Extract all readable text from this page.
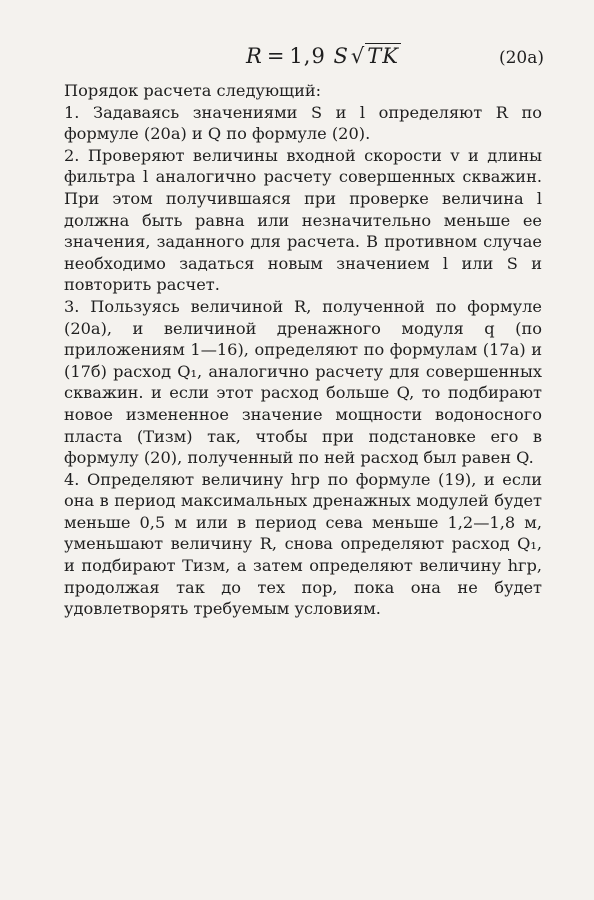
R = 1,9 S√TK	(20а)

Порядок расчета следующий:

1. Задаваясь значениями S и l определяют R по формуле (20а) и Q по формуле (20).

2. Проверяют величины входной скорости v и длины фильтра l аналогично расчету совершенных скважин. При этом получившаяся при проверке величина l должна быть равна или незначительно меньше ее значения, заданного для расчета. В противном случае необходимо задаться новым значением l или S и повторить расчет.

3. Пользуясь величиной R, полученной по формуле (20а), и величиной дренажного модуля q (по приложениям 1—16), определяют по формулам (17а) и (17б) расход Q₁, аналогично расчету для совершенных скважин. и если этот расход больше Q, то подбирают новое измененное значение мощности водоносного пласта (Tизм) так, чтобы при подстановке его в формулу (20), полученный по ней расход был равен Q.

4. Определяют величину hгр по формуле (19), и если она в период максимальных дренажных модулей будет меньше 0,5 м или в период сева меньше 1,2—1,8 м, уменьшают величину R, снова определяют расход Q₁, и подбирают Tизм, а затем определяют величину hгр, продолжая так до тех пор, пока она не будет удовлетворять требуемым условиям.
